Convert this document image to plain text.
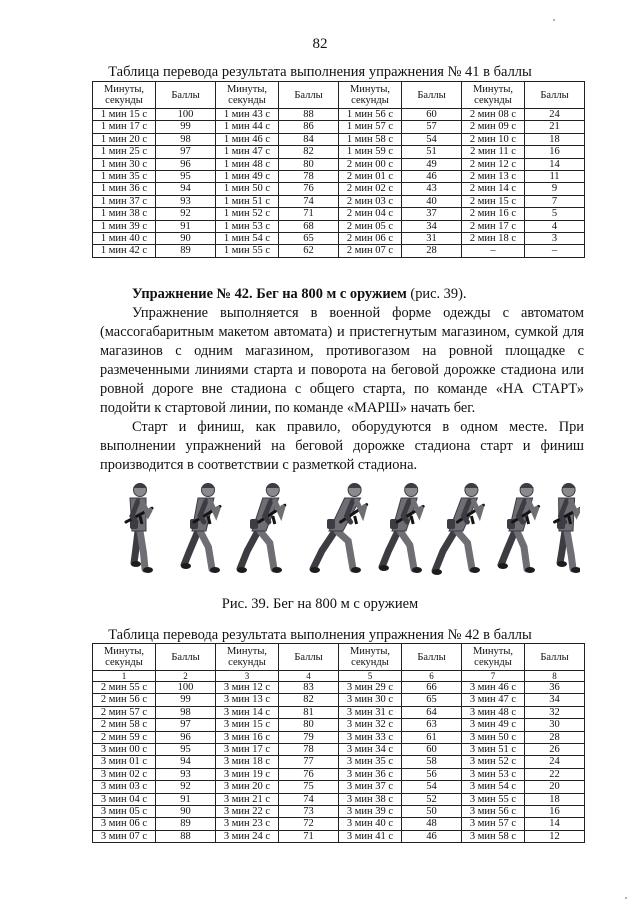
82
Таблица перевода результата выполнения упражнения № 41 в баллы
Минуты, секунды	Баллы	Минуты, секунды	Баллы	Минуты, секунды	Баллы	Минуты, секунды	Баллы
1 мин 15 с	100	1 мин 43 с	88	1 мин 56 с	60	2 мин 08 с	24
1 мин 17 с	99	1 мин 44 с	86	1 мин 57 с	57	2 мин 09 с	21
1 мин 20 с	98	1 мин 46 с	84	1 мин 58 с	54	2 мин 10 с	18
1 мин 25 с	97	1 мин 47 с	82	1 мин 59 с	51	2 мин 11 с	16
1 мин 30 с	96	1 мин 48 с	80	2 мин 00 с	49	2 мин 12 с	14
1 мин 35 с	95	1 мин 49 с	78	2 мин 01 с	46	2 мин 13 с	11
1 мин 36 с	94	1 мин 50 с	76	2 мин 02 с	43	2 мин 14 с	9
1 мин 37 с	93	1 мин 51 с	74	2 мин 03 с	40	2 мин 15 с	7
1 мин 38 с	92	1 мин 52 с	71	2 мин 04 с	37	2 мин 16 с	5
1 мин 39 с	91	1 мин 53 с	68	2 мин 05 с	34	2 мин 17 с	4
1 мин 40 с	90	1 мин 54 с	65	2 мин 06 с	31	2 мин 18 с	3
1 мин 42 с	89	1 мин 55 с	62	2 мин 07 с	28	–	–

Упражнение № 42. Бег на 800 м с оружием (рис. 39).

Упражнение выполняется в военной форме одежды с автоматом (массогабаритным макетом автомата) и пристегнутым магазином, сумкой для магазинов с одним магазином, противогазом на ровной площадке с размеченными линиями старта и поворота на беговой дорожке стадиона или ровной дороге вне стадиона с общего старта, по команде «НА СТАРТ» подойти к стартовой линии, по команде «МАРШ» начать бег.

Старт и финиш, как правило, оборудуются в одном месте. При выполнении упражнений на беговой дорожке стадиона старт и финиш производится в соответствии с разметкой стадиона.

Рис. 39. Бег на 800 м с оружием
Таблица перевода результата выполнения упражнения № 42 в баллы
Минуты, секунды	Баллы	Минуты, секунды	Баллы	Минуты, секунды	Баллы	Минуты, секунды	Баллы
1	2	3	4	5	6	7	8
2 мин 55 с	100	3 мин 12 с	83	3 мин 29 с	66	3 мин 46 с	36
2 мин 56 с	99	3 мин 13 с	82	3 мин 30 с	65	3 мин 47 с	34
2 мин 57 с	98	3 мин 14 с	81	3 мин 31 с	64	3 мин 48 с	32
2 мин 58 с	97	3 мин 15 с	80	3 мин 32 с	63	3 мин 49 с	30
2 мин 59 с	96	3 мин 16 с	79	3 мин 33 с	61	3 мин 50 с	28
3 мин 00 с	95	3 мин 17 с	78	3 мин 34 с	60	3 мин 51 с	26
3 мин 01 с	94	3 мин 18 с	77	3 мин 35 с	58	3 мин 52 с	24
3 мин 02 с	93	3 мин 19 с	76	3 мин 36 с	56	3 мин 53 с	22
3 мин 03 с	92	3 мин 20 с	75	3 мин 37 с	54	3 мин 54 с	20
3 мин 04 с	91	3 мин 21 с	74	3 мин 38 с	52	3 мин 55 с	18
3 мин 05 с	90	3 мин 22 с	73	3 мин 39 с	50	3 мин 56 с	16
3 мин 06 с	89	3 мин 23 с	72	3 мин 40 с	48	3 мин 57 с	14
3 мин 07 с	88	3 мин 24 с	71	3 мин 41 с	46	3 мин 58 с	12
